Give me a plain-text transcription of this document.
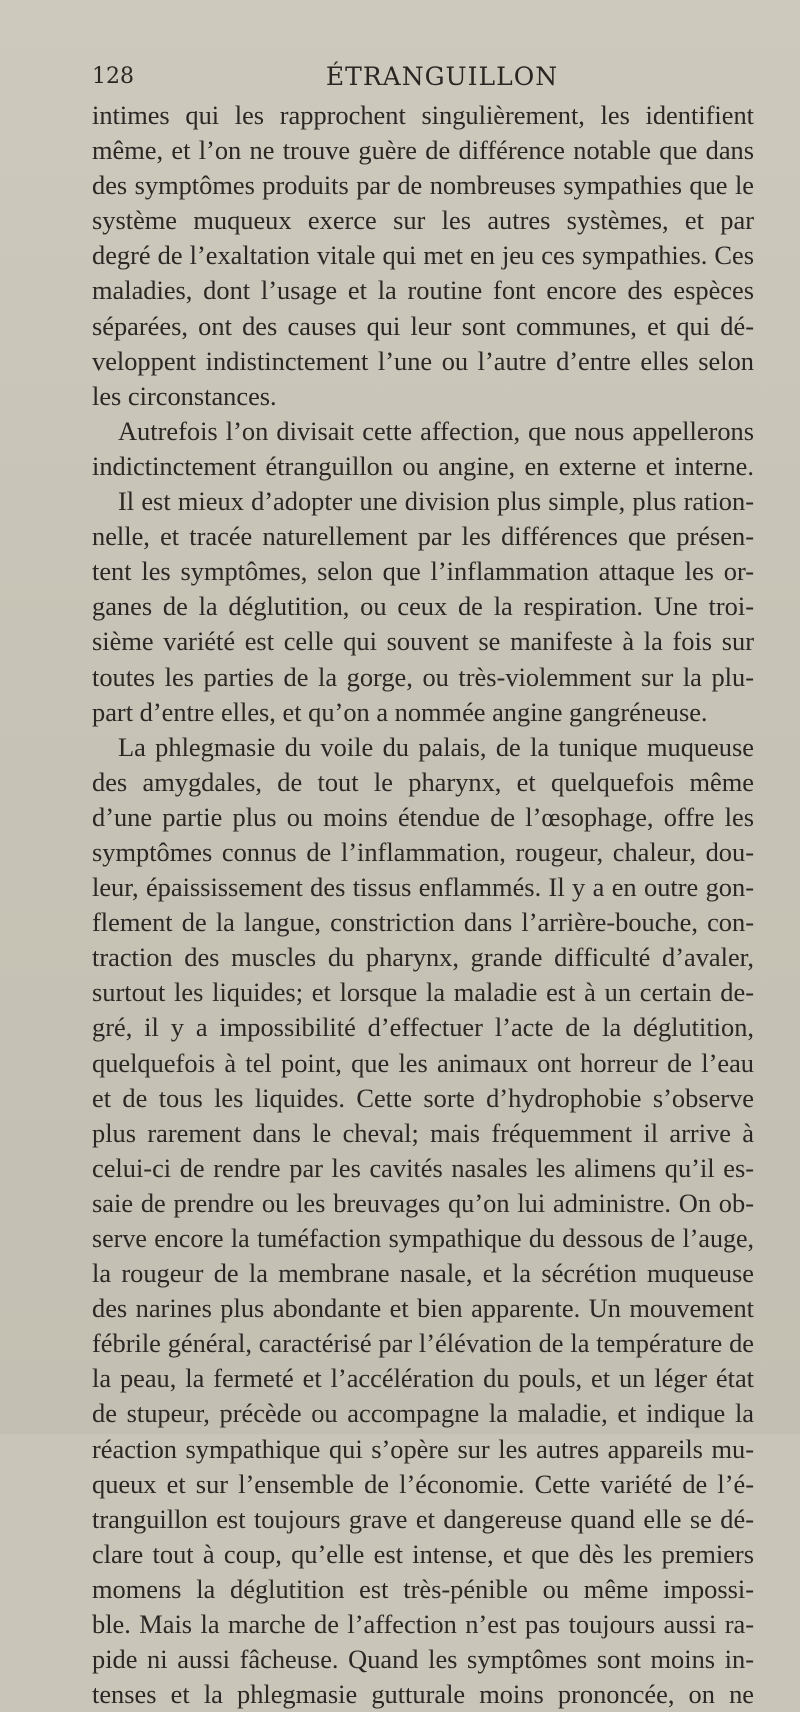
128	ÉTRANGUILLON
intimes qui les rapprochent singulièrement, les identifient
même, et l’on ne trouve guère de différence notable que dans
des symptômes produits par de nombreuses sympathies que le
système muqueux exerce sur les autres systèmes, et par
degré de l’exaltation vitale qui met en jeu ces sympathies. Ces
maladies, dont l’usage et la routine font encore des espèces
séparées, ont des causes qui leur sont communes, et qui dé-
veloppent indistinctement l’une ou l’autre d’entre elles selon
les circonstances.
Autrefois l’on divisait cette affection, que nous appellerons
indictinctement étranguillon ou angine, en externe et interne.
Il est mieux d’adopter une division plus simple, plus ration-
nelle, et tracée naturellement par les différences que présen-
tent les symptômes, selon que l’inflammation attaque les or-
ganes de la déglutition, ou ceux de la respiration. Une troi-
sième variété est celle qui souvent se manifeste à la fois sur
toutes les parties de la gorge, ou très-violemment sur la plu-
part d’entre elles, et qu’on a nommée angine gangréneuse.
La phlegmasie du voile du palais, de la tunique muqueuse
des amygdales, de tout le pharynx, et quelquefois même
d’une partie plus ou moins étendue de l’œsophage, offre les
symptômes connus de l’inflammation, rougeur, chaleur, dou-
leur, épaississement des tissus enflammés. Il y a en outre gon-
flement de la langue, constriction dans l’arrière-bouche, con-
traction des muscles du pharynx, grande difficulté d’avaler,
surtout les liquides; et lorsque la maladie est à un certain de-
gré, il y a impossibilité d’effectuer l’acte de la déglutition,
quelquefois à tel point, que les animaux ont horreur de l’eau
et de tous les liquides. Cette sorte d’hydrophobie s’observe
plus rarement dans le cheval; mais fréquemment il arrive à
celui-ci de rendre par les cavités nasales les alimens qu’il es-
saie de prendre ou les breuvages qu’on lui administre. On ob-
serve encore la tuméfaction sympathique du dessous de l’auge,
la rougeur de la membrane nasale, et la sécrétion muqueuse
des narines plus abondante et bien apparente. Un mouvement
fébrile général, caractérisé par l’élévation de la température de
la peau, la fermeté et l’accélération du pouls, et un léger état
de stupeur, précède ou accompagne la maladie, et indique la
réaction sympathique qui s’opère sur les autres appareils mu-
queux et sur l’ensemble de l’économie. Cette variété de l’é-
tranguillon est toujours grave et dangereuse quand elle se dé-
clare tout à coup, qu’elle est intense, et que dès les premiers
momens la déglutition est très-pénible ou même impossi-
ble. Mais la marche de l’affection n’est pas toujours aussi ra-
pide ni aussi fâcheuse. Quand les symptômes sont moins in-
tenses et la phlegmasie gutturale moins prononcée, on ne
